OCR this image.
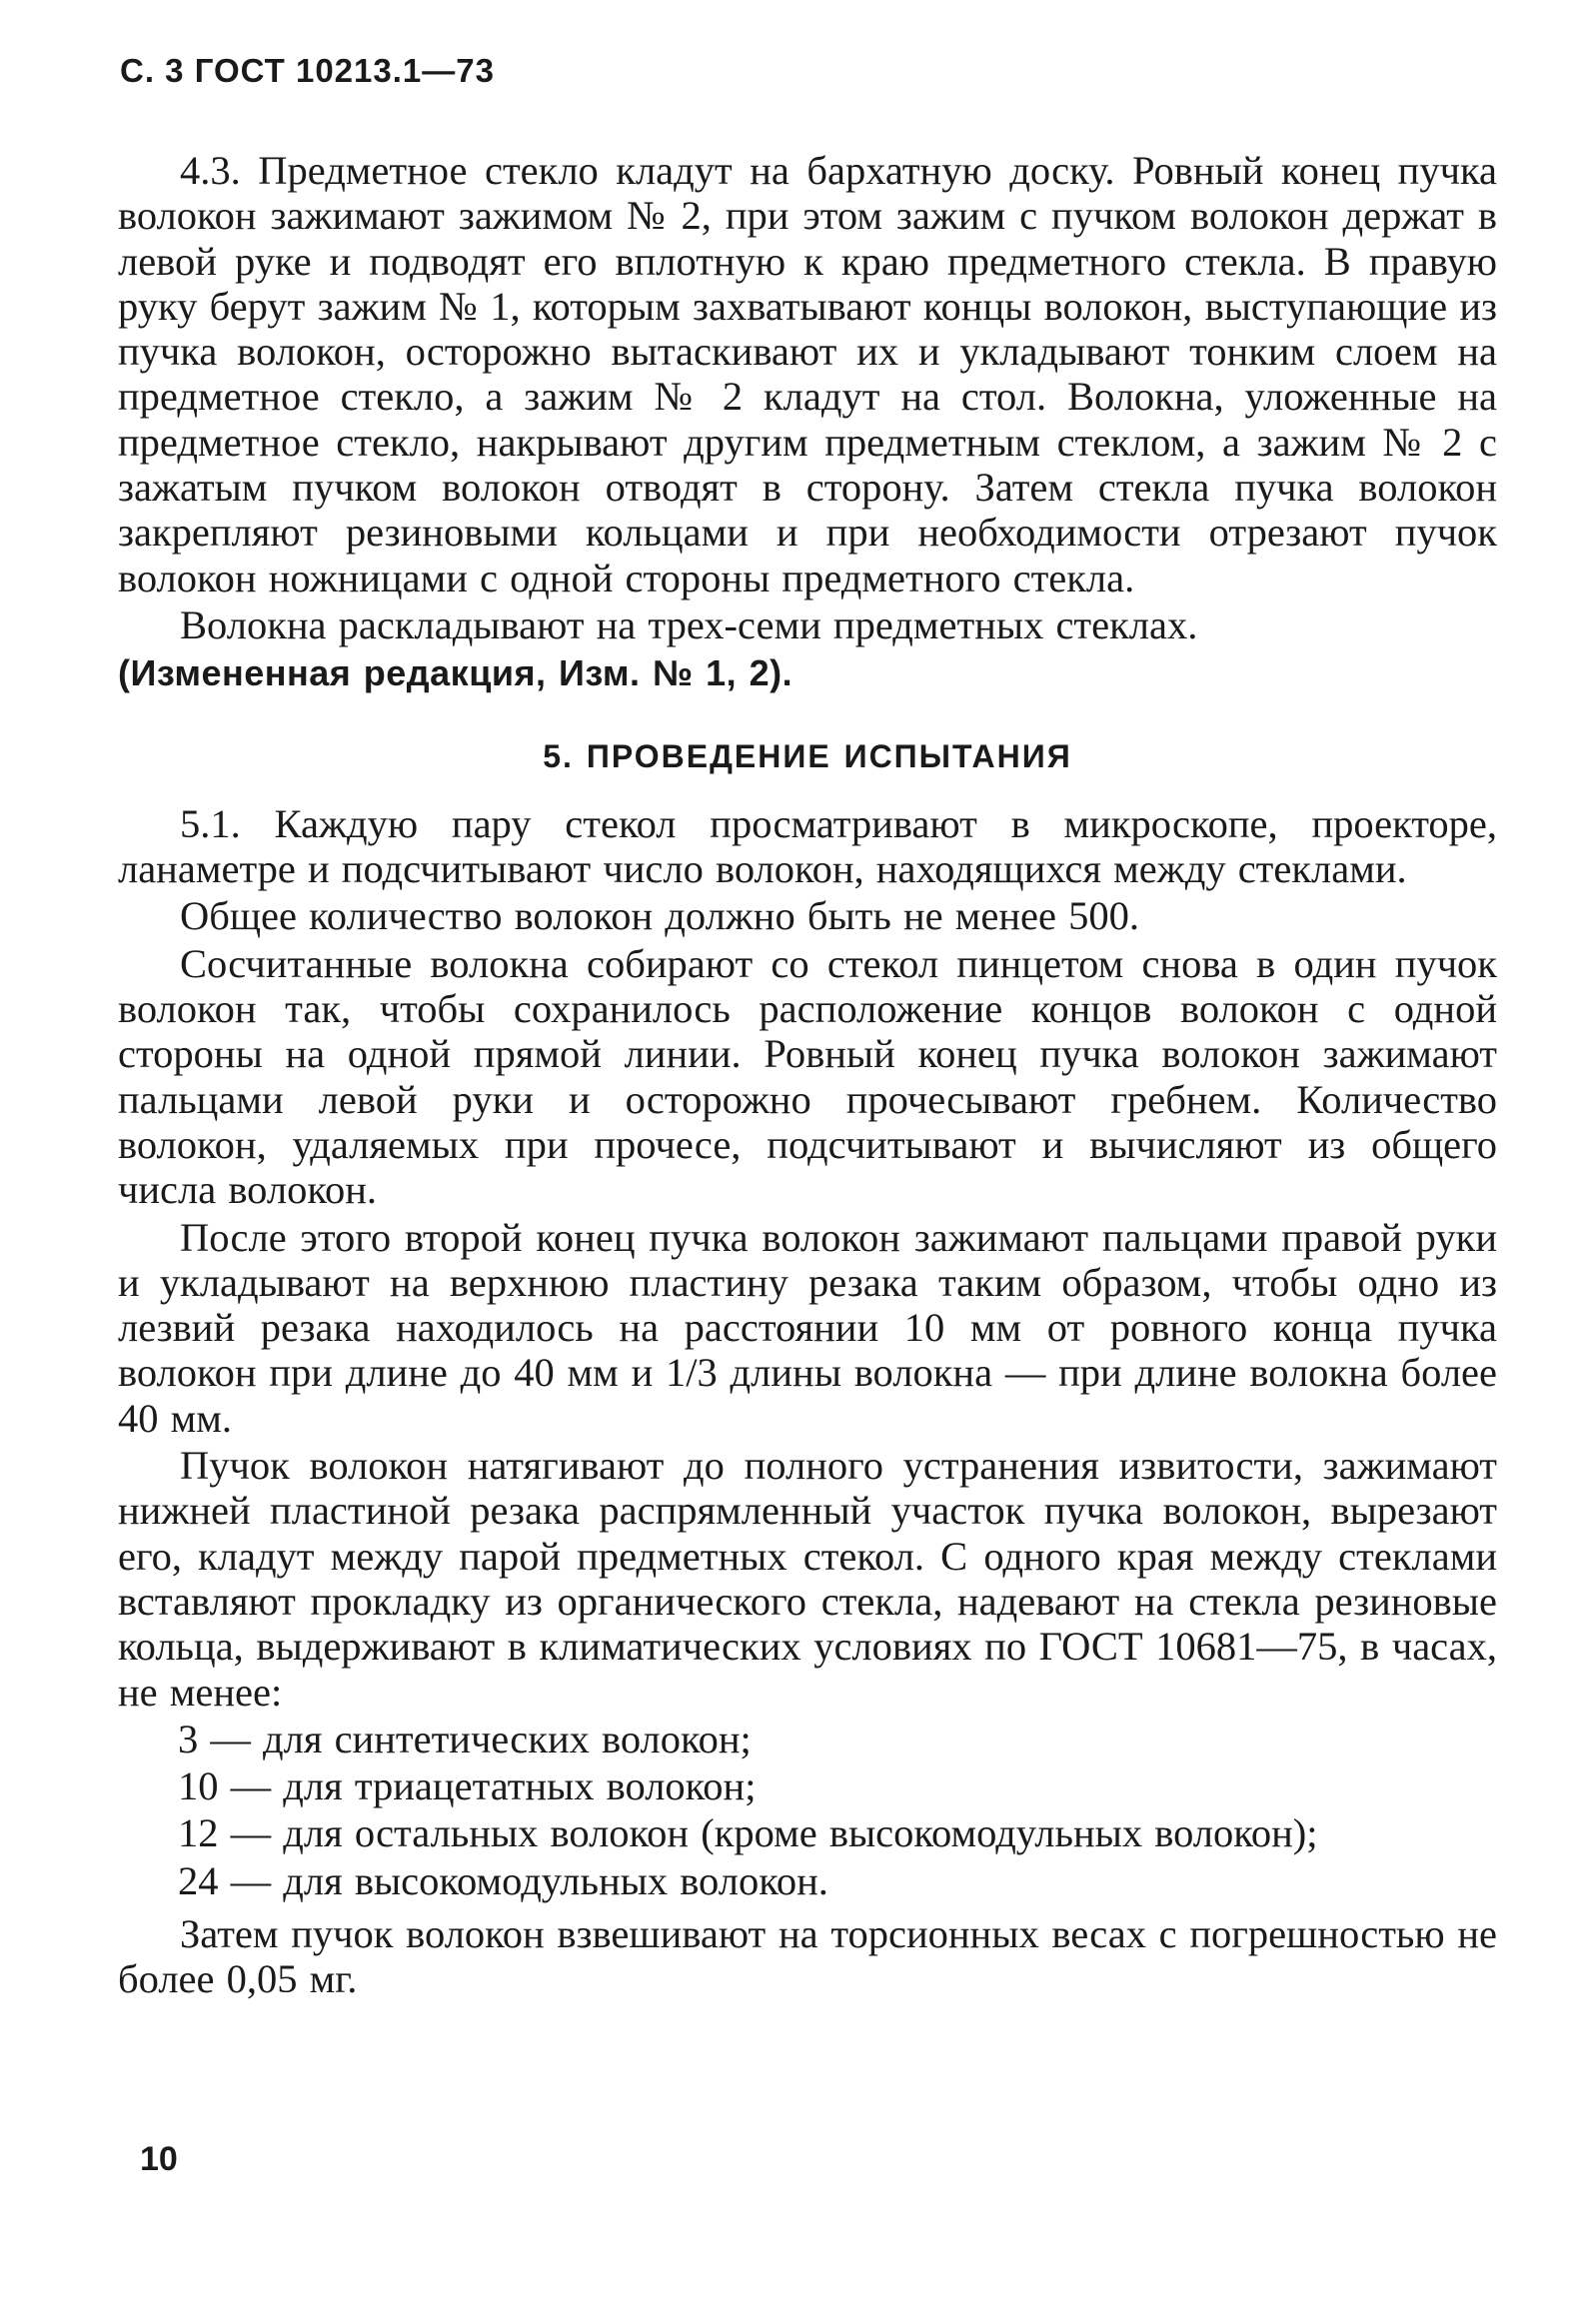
С. 3 ГОСТ 10213.1—73

4.3. Предметное стекло кладут на бархатную доску. Ровный конец пучка волокон зажимают зажимом № 2, при этом зажим с пучком волокон держат в левой руке и подводят его вплотную к краю предметного стекла. В правую руку берут зажим № 1, которым захватывают концы волокон, выступающие из пучка волокон, осторожно вытаскивают их и укладывают тонким слоем на предметное стекло, а зажим № 2 кладут на стол. Волокна, уложенные на предметное стекло, накрывают другим предметным стеклом, а зажим № 2 с зажатым пучком волокон отводят в сторону. Затем стекла пучка волокон закрепляют резиновыми кольцами и при необходимости отрезают пучок волокон ножницами с одной стороны предметного стекла.

Волокна раскладывают на трех-семи предметных стеклах.

(Измененная редакция, Изм. № 1, 2).

5. ПРОВЕДЕНИЕ ИСПЫТАНИЯ

5.1. Каждую пару стекол просматривают в микроскопе, проекторе, ланаметре и подсчитывают число волокон, находящихся между стеклами.

Общее количество волокон должно быть не менее 500.

Сосчитанные волокна собирают со стекол пинцетом снова в один пучок волокон так, чтобы сохранилось расположение концов волокон с одной стороны на одной прямой линии. Ровный конец пучка волокон зажимают пальцами левой руки и осторожно прочесывают гребнем. Количество волокон, удаляемых при прочесе, подсчитывают и вычисляют из общего числа волокон.

После этого второй конец пучка волокон зажимают пальцами правой руки и укладывают на верхнюю пластину резака таким образом, чтобы одно из лезвий резака находилось на расстоянии 10 мм от ровного конца пучка волокон при длине до 40 мм и 1/3 длины волокна — при длине волокна более 40 мм.

Пучок волокон натягивают до полного устранения извитости, зажимают нижней пластиной резака распрямленный участок пучка волокон, вырезают его, кладут между парой предметных стекол. С одного края между стеклами вставляют прокладку из органического стекла, надевают на стекла резиновые кольца, выдерживают в климатических условиях по ГОСТ 10681—75, в часах, не менее:

3 — для синтетических волокон;

10 — для триацетатных волокон;

12 — для остальных волокон (кроме высокомодульных волокон);

24 — для высокомодульных волокон.

Затем пучок волокон взвешивают на торсионных весах с погрешностью не более 0,05 мг.

10
